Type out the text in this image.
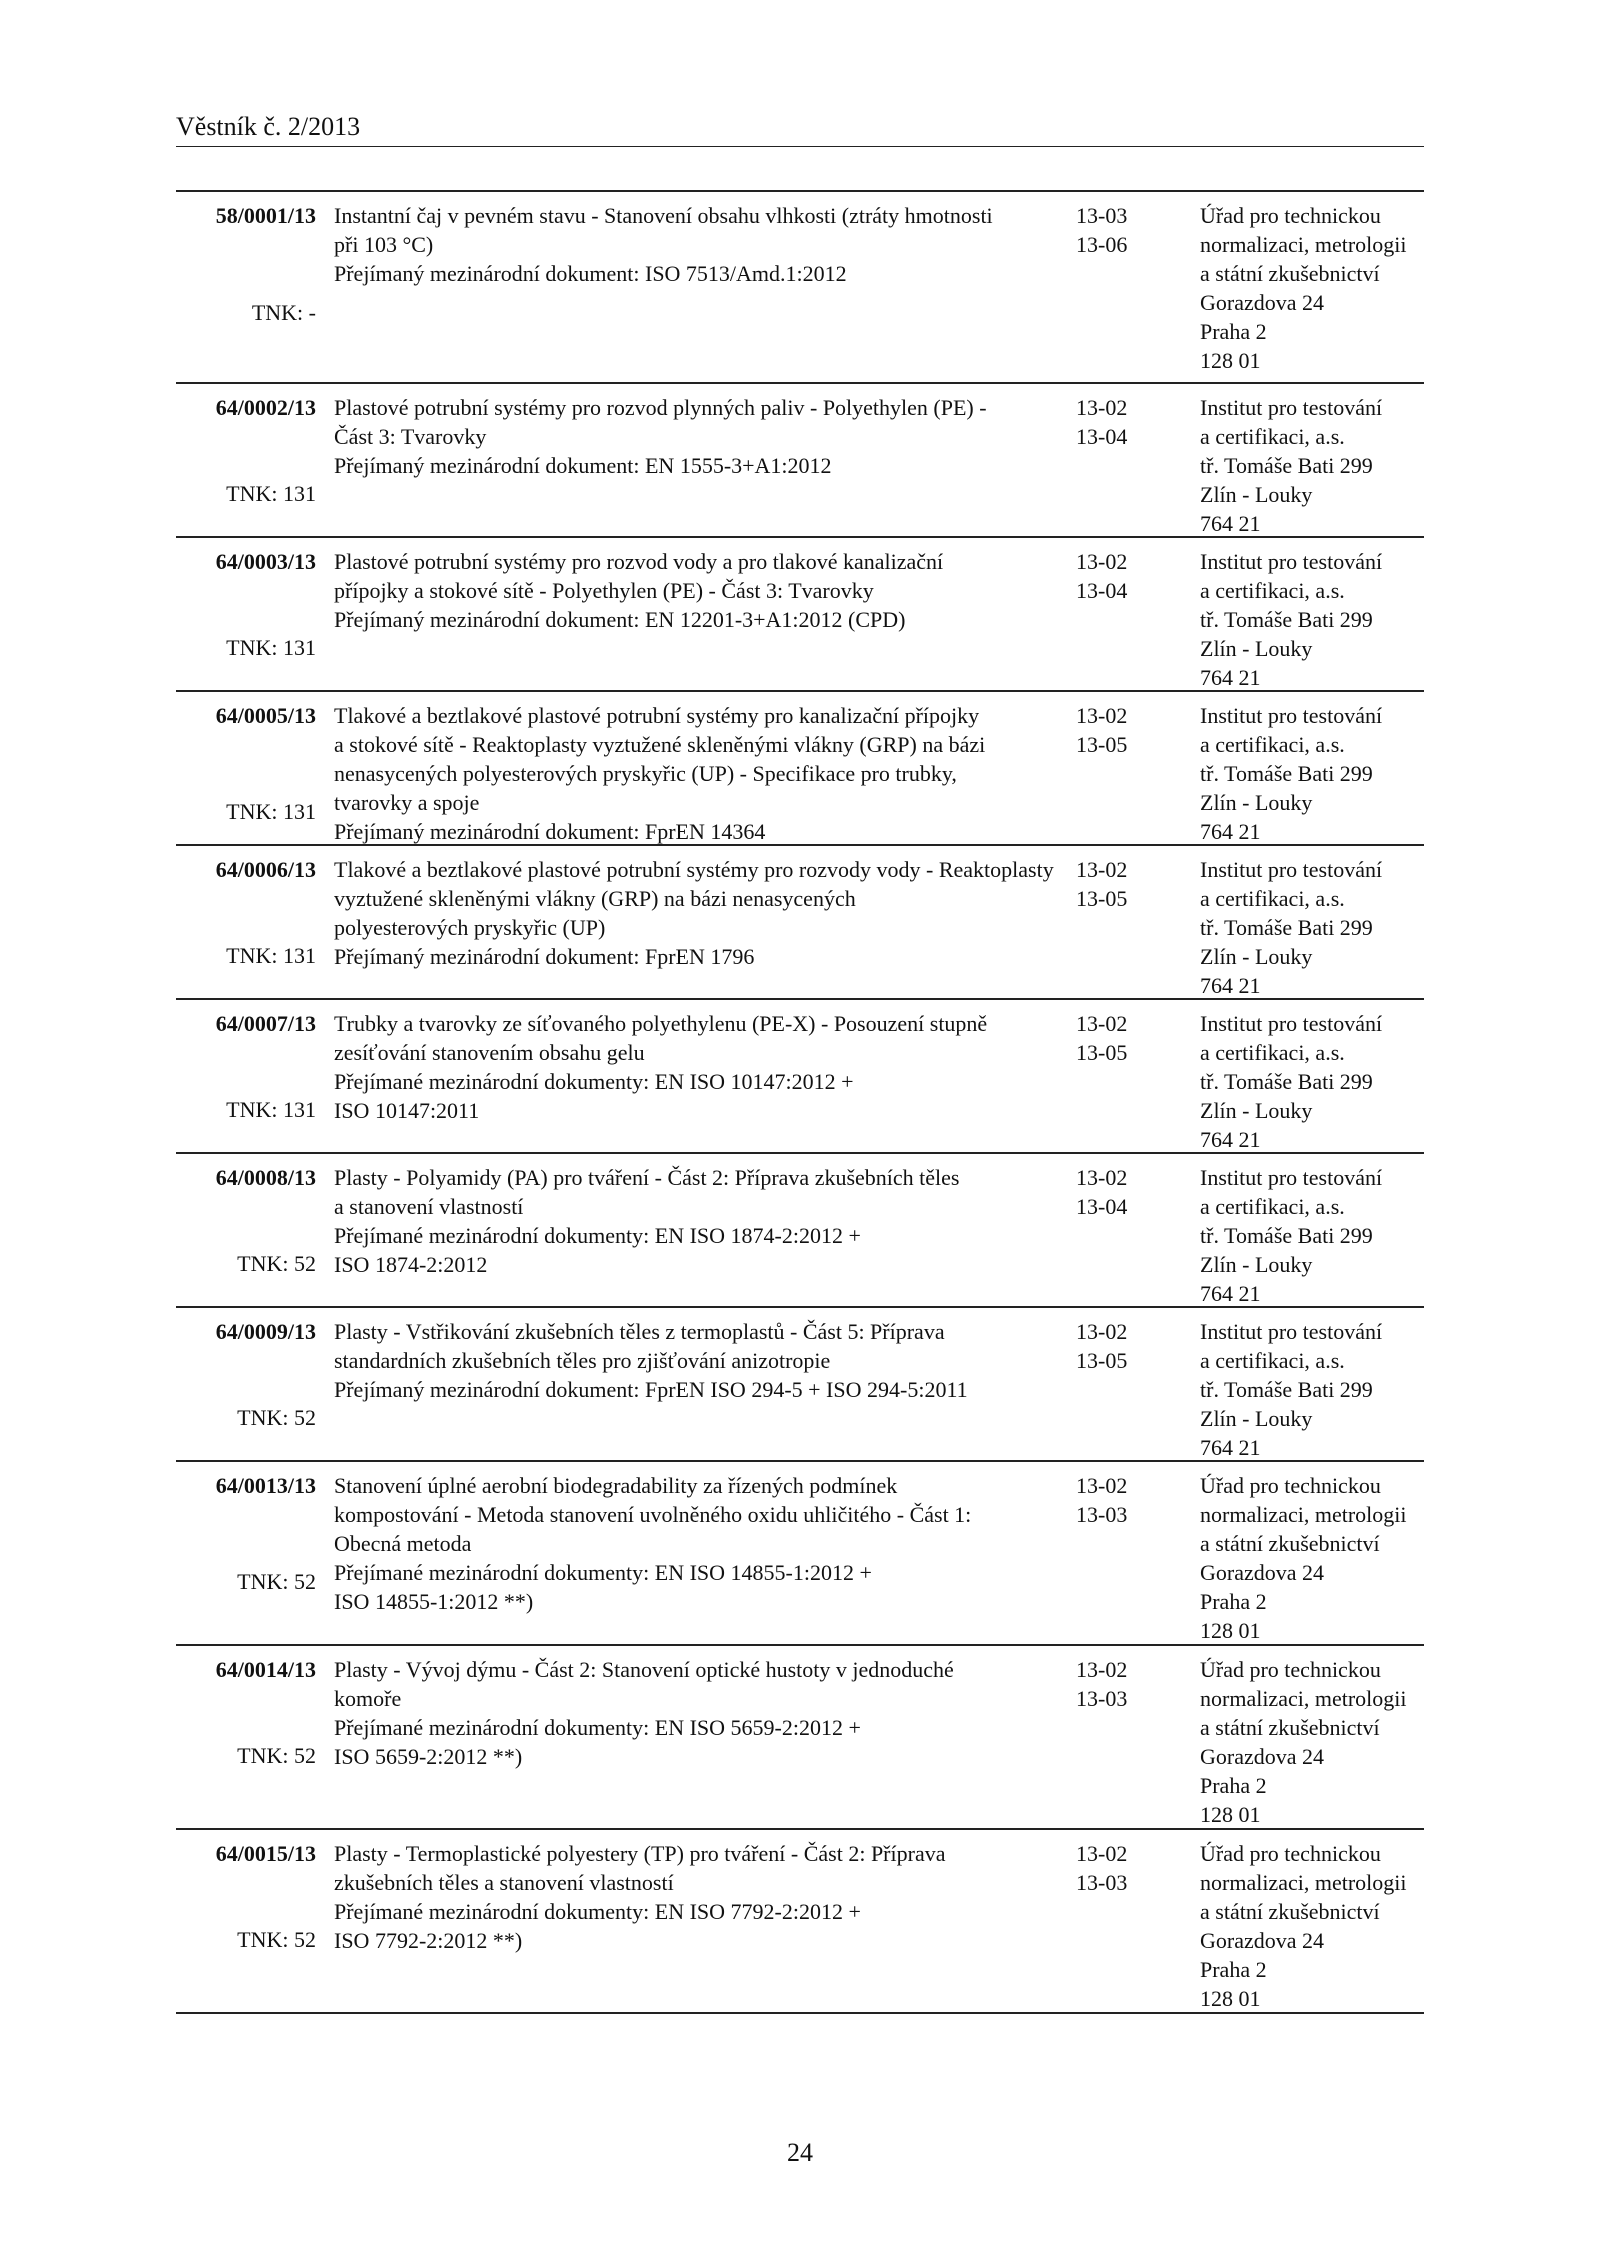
Věstník č. 2/2013
58/0001/13
TNK: -
Instantní čaj v pevném stavu - Stanovení obsahu vlhkosti (ztráty hmotnosti
při 103 °C)
Přejímaný mezinárodní dokument: ISO 7513/Amd.1:2012
13-03
13-06
Úřad pro technickou
normalizaci, metrologii
a státní zkušebnictví
Gorazdova 24
Praha 2
128 01
64/0002/13
TNK: 131
Plastové potrubní systémy pro rozvod plynných paliv - Polyethylen (PE) -
Část 3: Tvarovky
Přejímaný mezinárodní dokument: EN 1555-3+A1:2012
13-02
13-04
Institut pro testování
a certifikaci, a.s.
tř. Tomáše Bati 299
Zlín - Louky
764 21
64/0003/13
TNK: 131
Plastové potrubní systémy pro rozvod vody a pro tlakové kanalizační
přípojky a stokové sítě - Polyethylen (PE) - Část 3: Tvarovky
Přejímaný mezinárodní dokument: EN 12201-3+A1:2012 (CPD)
13-02
13-04
Institut pro testování
a certifikaci, a.s.
tř. Tomáše Bati 299
Zlín - Louky
764 21
64/0005/13
TNK: 131
Tlakové a beztlakové plastové potrubní systémy pro kanalizační přípojky
a stokové sítě - Reaktoplasty vyztužené skleněnými vlákny (GRP) na bázi
nenasycených polyesterových pryskyřic (UP) - Specifikace pro trubky,
tvarovky a spoje
Přejímaný mezinárodní dokument: FprEN 14364
13-02
13-05
Institut pro testování
a certifikaci, a.s.
tř. Tomáše Bati 299
Zlín - Louky
764 21
64/0006/13
TNK: 131
Tlakové a beztlakové plastové potrubní systémy pro rozvody vody - Reaktoplasty
vyztužené skleněnými vlákny (GRP) na bázi nenasycených
polyesterových pryskyřic (UP)
Přejímaný mezinárodní dokument: FprEN 1796
13-02
13-05
Institut pro testování
a certifikaci, a.s.
tř. Tomáše Bati 299
Zlín - Louky
764 21
64/0007/13
TNK: 131
Trubky a tvarovky ze síťovaného polyethylenu (PE-X) - Posouzení stupně
zesíťování stanovením obsahu gelu
Přejímané mezinárodní dokumenty: EN ISO 10147:2012 +
ISO 10147:2011
13-02
13-05
Institut pro testování
a certifikaci, a.s.
tř. Tomáše Bati 299
Zlín - Louky
764 21
64/0008/13
TNK: 52
Plasty - Polyamidy (PA) pro tváření - Část 2: Příprava zkušebních těles
a stanovení vlastností
Přejímané mezinárodní dokumenty: EN ISO 1874-2:2012 +
ISO 1874-2:2012
13-02
13-04
Institut pro testování
a certifikaci, a.s.
tř. Tomáše Bati 299
Zlín - Louky
764 21
64/0009/13
TNK: 52
Plasty - Vstřikování zkušebních těles z termoplastů - Část 5: Příprava
standardních zkušebních těles pro zjišťování anizotropie
Přejímaný mezinárodní dokument: FprEN ISO 294-5 + ISO 294-5:2011
13-02
13-05
Institut pro testování
a certifikaci, a.s.
tř. Tomáše Bati 299
Zlín - Louky
764 21
64/0013/13
TNK: 52
Stanovení úplné aerobní biodegradability za řízených podmínek
kompostování - Metoda stanovení uvolněného oxidu uhličitého - Část 1:
Obecná metoda
Přejímané mezinárodní dokumenty: EN ISO 14855-1:2012 +
ISO 14855-1:2012 **)
13-02
13-03
Úřad pro technickou
normalizaci, metrologii
a státní zkušebnictví
Gorazdova 24
Praha 2
128 01
64/0014/13
TNK: 52
Plasty - Vývoj dýmu - Část 2: Stanovení optické hustoty v jednoduché
komoře
Přejímané mezinárodní dokumenty: EN ISO 5659-2:2012 +
ISO 5659-2:2012 **)
13-02
13-03
Úřad pro technickou
normalizaci, metrologii
a státní zkušebnictví
Gorazdova 24
Praha 2
128 01
64/0015/13
TNK: 52
Plasty - Termoplastické polyestery (TP) pro tváření - Část 2: Příprava
zkušebních těles a stanovení vlastností
Přejímané mezinárodní dokumenty: EN ISO 7792-2:2012 +
ISO 7792-2:2012 **)
13-02
13-03
Úřad pro technickou
normalizaci, metrologii
a státní zkušebnictví
Gorazdova 24
Praha 2
128 01
24
